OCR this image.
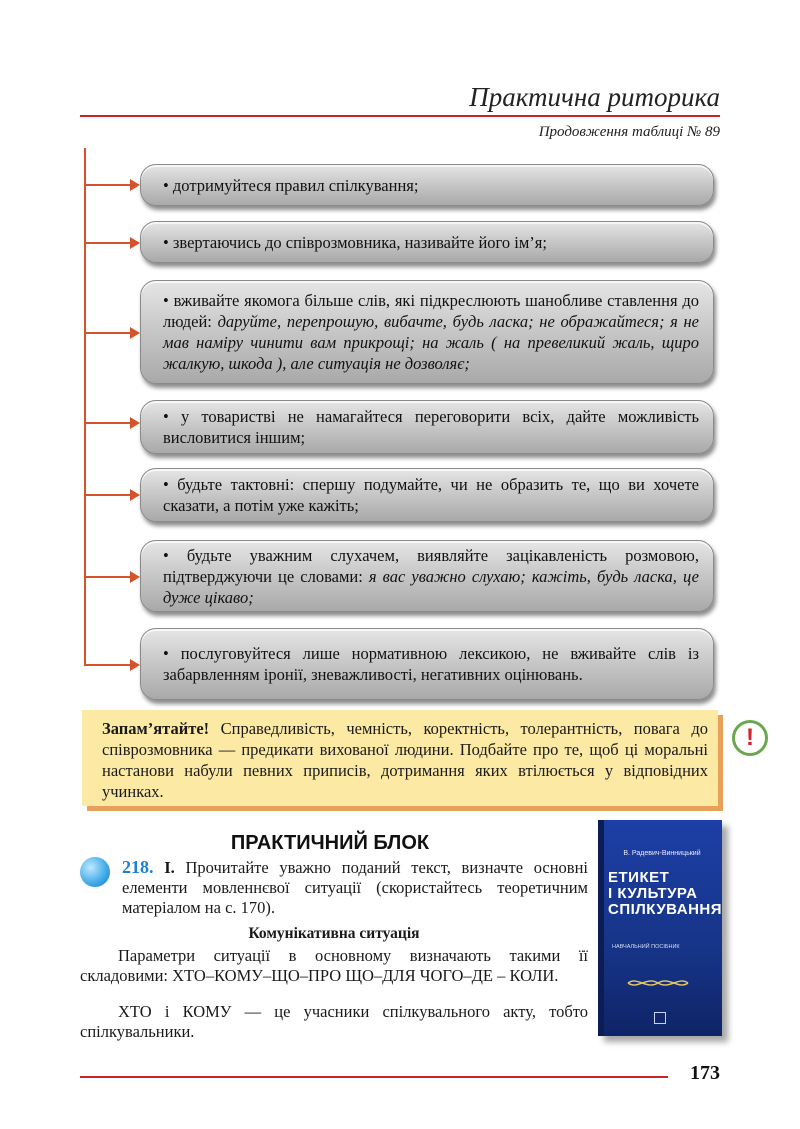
Практична риторика
Продовження таблиці № 89

• дотримуйтеся правил спілкування;

• звертаючись до співрозмовника, називайте його ім’я;

• вживайте якомога більше слів, які підкреслюють шанобливе ставлення до людей: даруйте, перепрошую, вибачте, будь ласка; не ображайтеся; я не мав наміру чинити вам прикрощі; на жаль ( на превеликий жаль, щиро жалкую, шкода ), але ситуація не дозволяє;

• у товаристві не намагайтеся переговорити всіх, дайте можливість висловитися іншим;

• будьте тактовні: спершу подумайте, чи не образить те, що ви хочете сказати, а потім уже кажіть;

• будьте уважним слухачем, виявляйте зацікавленість розмовою, підтверджуючи це словами: я вас уважно слухаю; кажіть, будь ласка, це дуже цікаво;

• послуговуйтеся лише нормативною лексикою, не вживайте слів із забарвленням іронії, зневажливості, негативних оцінювань.

Запам’ятайте! Справедливість, чемність, коректність, толерантність, повага до співрозмовника — предикати вихованої людини. Подбайте про те, щоб ці моральні настанови набули певних приписів, дотримання яких втілюється у відповідних учинках.
!
ПРАКТИЧНИЙ БЛОК
218. І. Прочитайте уважно поданий текст, визначте основні елементи мовленнєвої ситуації (скористайтесь теоретичним матеріалом на с. 170).
Комунікативна ситуація

Параметри ситуації в основному визначають такими її складовими: ХТО–КОМУ–ЩО–ПРО ЩО–ДЛЯ ЧОГО–ДЕ – КОЛИ.

ХТО і КОМУ — це учасники спілкувального акту, тобто спілкувальники.

В. Радевич-Винницький
ЕТИКЕТ
І КУЛЬТУРА
СПІЛКУВАННЯ
НАВЧАЛЬНИЙ ПОСІБНИК
173
